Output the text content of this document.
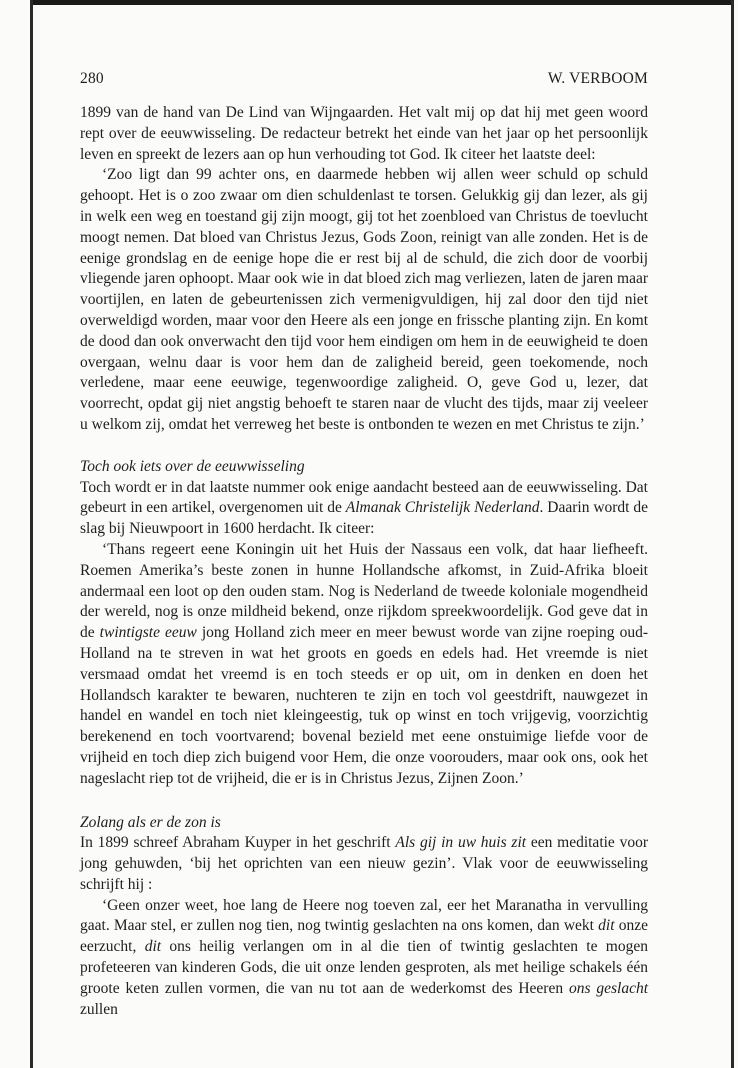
280	W. VERBOOM

1899 van de hand van De Lind van Wijngaarden. Het valt mij op dat hij met geen woord rept over de eeuwwisseling. De redacteur betrekt het einde van het jaar op het persoonlijk leven en spreekt de lezers aan op hun verhouding tot God. Ik citeer het laatste deel:

‘Zoo ligt dan 99 achter ons, en daarmede hebben wij allen weer schuld op schuld gehoopt. Het is o zoo zwaar om dien schuldenlast te torsen. Gelukkig gij dan lezer, als gij in welk een weg en toestand gij zijn moogt, gij tot het zoenbloed van Christus de toevlucht moogt nemen. Dat bloed van Christus Jezus, Gods Zoon, reinigt van alle zonden. Het is de eenige grondslag en de eenige hope die er rest bij al de schuld, die zich door de voorbij vliegende jaren ophoopt. Maar ook wie in dat bloed zich mag verliezen, laten de jaren maar voortijlen, en laten de gebeurtenissen zich vermenigvuldigen, hij zal door den tijd niet overweldigd worden, maar voor den Heere als een jonge en frissche planting zijn. En komt de dood dan ook onverwacht den tijd voor hem eindigen om hem in de eeuwigheid te doen overgaan, welnu daar is voor hem dan de zaligheid bereid, geen toekomende, noch verledene, maar eene eeuwige, tegenwoordige zaligheid. O, geve God u, lezer, dat voorrecht, opdat gij niet angstig behoeft te staren naar de vlucht des tijds, maar zij veeleer u welkom zij, omdat het verreweg het beste is ontbonden te wezen en met Christus te zijn.’

Toch ook iets over de eeuwwisseling

Toch wordt er in dat laatste nummer ook enige aandacht besteed aan de eeuwwisseling. Dat gebeurt in een artikel, overgenomen uit de Almanak Christelijk Nederland. Daarin wordt de slag bij Nieuwpoort in 1600 herdacht. Ik citeer:

‘Thans regeert eene Koningin uit het Huis der Nassaus een volk, dat haar liefheeft. Roemen Amerika’s beste zonen in hunne Hollandsche afkomst, in Zuid-Afrika bloeit andermaal een loot op den ouden stam. Nog is Nederland de tweede koloniale mogendheid der wereld, nog is onze mildheid bekend, onze rijkdom spreekwoordelijk. God geve dat in de twintigste eeuw jong Holland zich meer en meer bewust worde van zijne roeping oud-Holland na te streven in wat het groots en goeds en edels had. Het vreemde is niet versmaad omdat het vreemd is en toch steeds er op uit, om in denken en doen het Hollandsch karakter te bewaren, nuchteren te zijn en toch vol geestdrift, nauwgezet in handel en wandel en toch niet kleingeestig, tuk op winst en toch vrijgevig, voorzichtig berekenend en toch voortvarend; bovenal bezield met eene onstuimige liefde voor de vrijheid en toch diep zich buigend voor Hem, die onze voorouders, maar ook ons, ook het nageslacht riep tot de vrijheid, die er is in Christus Jezus, Zijnen Zoon.’

Zolang als er de zon is

In 1899 schreef Abraham Kuyper in het geschrift Als gij in uw huis zit een meditatie voor jong gehuwden, ‘bij het oprichten van een nieuw gezin’. Vlak voor de eeuwwisseling schrijft hij :

‘Geen onzer weet, hoe lang de Heere nog toeven zal, eer het Maranatha in vervulling gaat. Maar stel, er zullen nog tien, nog twintig geslachten na ons komen, dan wekt dit onze eerzucht, dit ons heilig verlangen om in al die tien of twintig geslachten te mogen profeteeren van kinderen Gods, die uit onze lenden gesproten, als met heilige schakels één groote keten zullen vormen, die van nu tot aan de wederkomst des Heeren ons geslacht zullen
